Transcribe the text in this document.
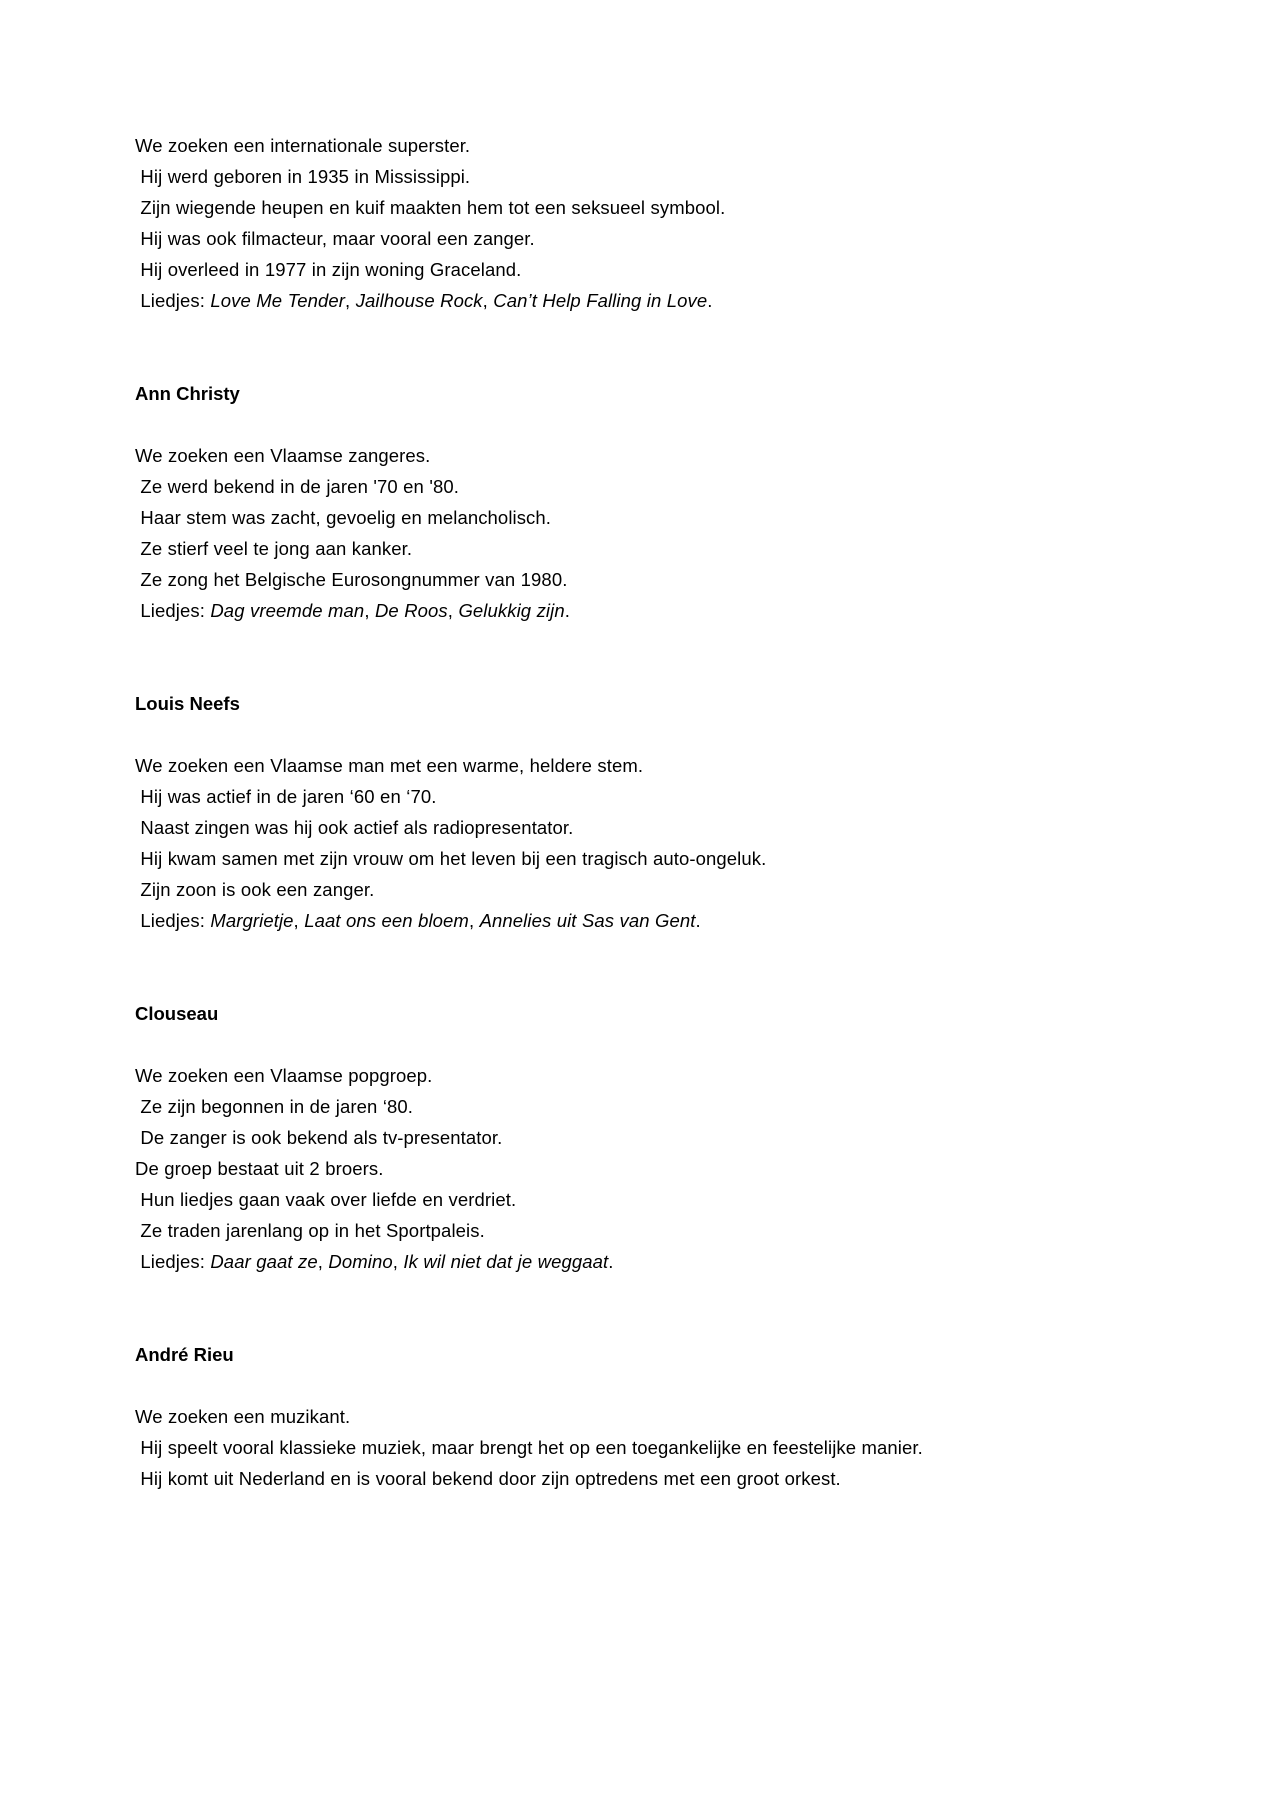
We zoeken een internationale superster.
Hij werd geboren in 1935 in Mississippi.
Zijn wiegende heupen en kuif maakten hem tot een seksueel symbool.
Hij was ook filmacteur, maar vooral een zanger.
Hij overleed in 1977 in zijn woning Graceland.
Liedjes: Love Me Tender, Jailhouse Rock, Can’t Help Falling in Love.

Ann Christy

We zoeken een Vlaamse zangeres.
Ze werd bekend in de jaren '70 en '80.
Haar stem was zacht, gevoelig en melancholisch.
Ze stierf veel te jong aan kanker.
Ze zong het Belgische Eurosongnummer van 1980.
Liedjes: Dag vreemde man, De Roos, Gelukkig zijn.

Louis Neefs

We zoeken een Vlaamse man met een warme, heldere stem.
Hij was actief in de jaren ‘60 en ‘70.
Naast zingen was hij ook actief als radiopresentator.
Hij kwam samen met zijn vrouw om het leven bij een tragisch auto-ongeluk.
Zijn zoon is ook een zanger.
Liedjes: Margrietje, Laat ons een bloem, Annelies uit Sas van Gent.

Clouseau

We zoeken een Vlaamse popgroep.
Ze zijn begonnen in de jaren ‘80.
De zanger is ook bekend als tv-presentator.
De groep bestaat uit 2 broers.
Hun liedjes gaan vaak over liefde en verdriet.
Ze traden jarenlang op in het Sportpaleis.
Liedjes: Daar gaat ze, Domino, Ik wil niet dat je weggaat.

André Rieu

We zoeken een muzikant.
Hij speelt vooral klassieke muziek, maar brengt het op een toegankelijke en feestelijke manier.
Hij komt uit Nederland en is vooral bekend door zijn optredens met een groot orkest.
